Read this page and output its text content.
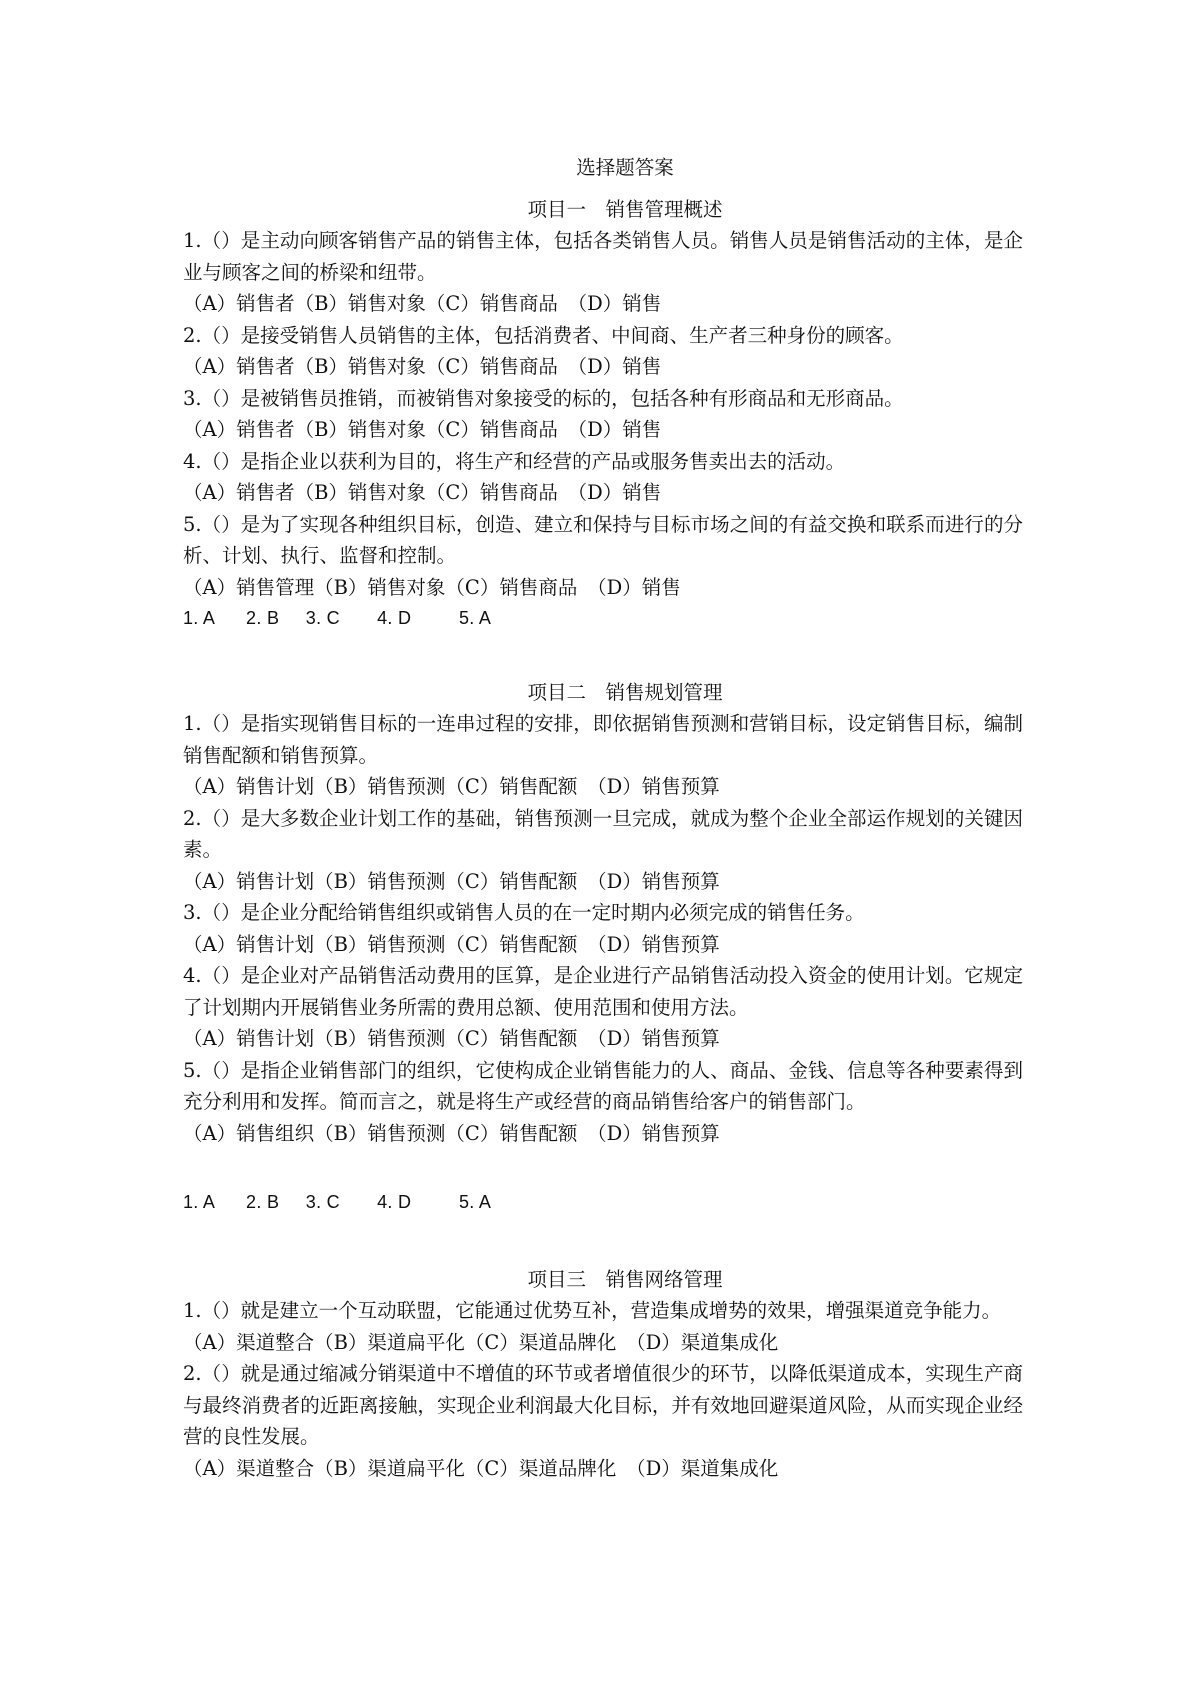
选择题答案
项目一　销售管理概述

1.（）是主动向顾客销售产品的销售主体，包括各类销售人员。销售人员是销售活动的主体，是企业与顾客之间的桥梁和纽带。

（A）销售者（B）销售对象（C）销售商品　（D）销售

2.（）是接受销售人员销售的主体，包括消费者、中间商、生产者三种身份的顾客。

（A）销售者（B）销售对象（C）销售商品　（D）销售

3.（）是被销售员推销，而被销售对象接受的标的，包括各种有形商品和无形商品。

（A）销售者（B）销售对象（C）销售商品　（D）销售

4.（）是指企业以获利为目的，将生产和经营的产品或服务售卖出去的活动。

（A）销售者（B）销售对象（C）销售商品　（D）销售

5.（）是为了实现各种组织目标，创造、建立和保持与目标市场之间的有益交换和联系而进行的分析、计划、执行、监督和控制。

（A）销售管理（B）销售对象（C）销售商品　（D）销售

1. A      2. B     3. C       4. D         5. A

项目二　销售规划管理

1.（）是指实现销售目标的一连串过程的安排，即依据销售预测和营销目标，设定销售目标，编制销售配额和销售预算。

（A）销售计划（B）销售预测（C）销售配额　（D）销售预算

2.（）是大多数企业计划工作的基础，销售预测一旦完成，就成为整个企业全部运作规划的关键因素。

（A）销售计划（B）销售预测（C）销售配额　（D）销售预算

3.（）是企业分配给销售组织或销售人员的在一定时期内必须完成的销售任务。

（A）销售计划（B）销售预测（C）销售配额　（D）销售预算

4.（）是企业对产品销售活动费用的匡算，是企业进行产品销售活动投入资金的使用计划。它规定了计划期内开展销售业务所需的费用总额、使用范围和使用方法。

（A）销售计划（B）销售预测（C）销售配额　（D）销售预算

5.（）是指企业销售部门的组织，它使构成企业销售能力的人、商品、金钱、信息等各种要素得到充分利用和发挥。简而言之，就是将生产或经营的商品销售给客户的销售部门。

（A）销售组织（B）销售预测（C）销售配额　（D）销售预算

1. A      2. B     3. C       4. D         5. A

项目三　销售网络管理

1.（）就是建立一个互动联盟，它能通过优势互补，营造集成增势的效果，增强渠道竞争能力。

（A）渠道整合（B）渠道扁平化（C）渠道品牌化　（D）渠道集成化

2.（）就是通过缩减分销渠道中不增值的环节或者增值很少的环节，以降低渠道成本，实现生产商与最终消费者的近距离接触，实现企业利润最大化目标，并有效地回避渠道风险，从而实现企业经营的良性发展。

（A）渠道整合（B）渠道扁平化（C）渠道品牌化　（D）渠道集成化
